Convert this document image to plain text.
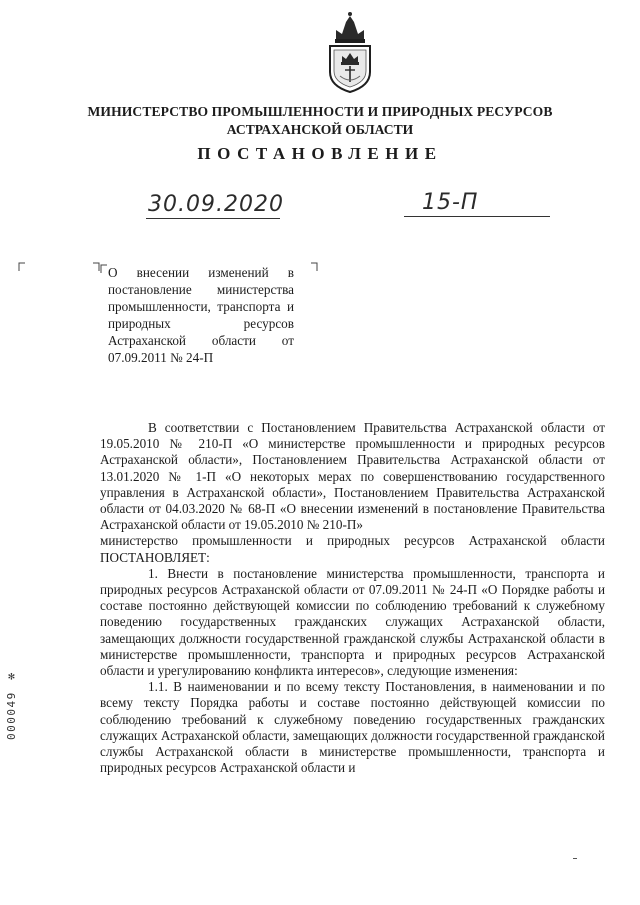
МИНИСТЕРСТВО ПРОМЫШЛЕННОСТИ И ПРИРОДНЫХ РЕСУРСОВ
АСТРАХАНСКОЙ ОБЛАСТИ
ПОСТАНОВЛЕНИЕ
30.09.2020	15-П
О внесении изменений в постановление министерства промышленности, транспорта и природных ресурсов Астраханской области от 07.09.2011 № 24-П

В соответствии с Постановлением Правительства Астраханской области от 19.05.2010 № 210-П «О министерстве промышленности и природных ресурсов Астраханской области», Постановлением Правительства Астраханской области от 13.01.2020 № 1-П «О некоторых мерах по совершенствованию государственного управления в Астраханской области», Постановлением Правительства Астраханской области от 04.03.2020 № 68-П «О внесении изменений в постановление Правительства Астраханской области от 19.05.2010 № 210-П»

министерство промышленности и природных ресурсов Астраханской области ПОСТАНОВЛЯЕТ:

1. Внести в постановление министерства промышленности, транспорта и природных ресурсов Астраханской области от 07.09.2011 № 24-П «О Порядке работы и составе постоянно действующей комиссии по соблюдению требований к служебному поведению государственных гражданских служащих Астраханской области, замещающих должности государственной гражданской службы Астраханской области в министерстве промышленности, транспорта и природных ресурсов Астраханской области и урегулированию конфликта интересов», следующие изменения:

1.1. В наименовании и по всему тексту Постановления, в наименовании и по всему тексту Порядка работы и составе постоянно действующей комиссии по соблюдению требований к служебному поведению государственных гражданских служащих Астраханской области, замещающих должности государственной гражданской службы Астраханской области в министерстве промышленности, транспорта и природных ресурсов Астраханской области и

000049 ✻
